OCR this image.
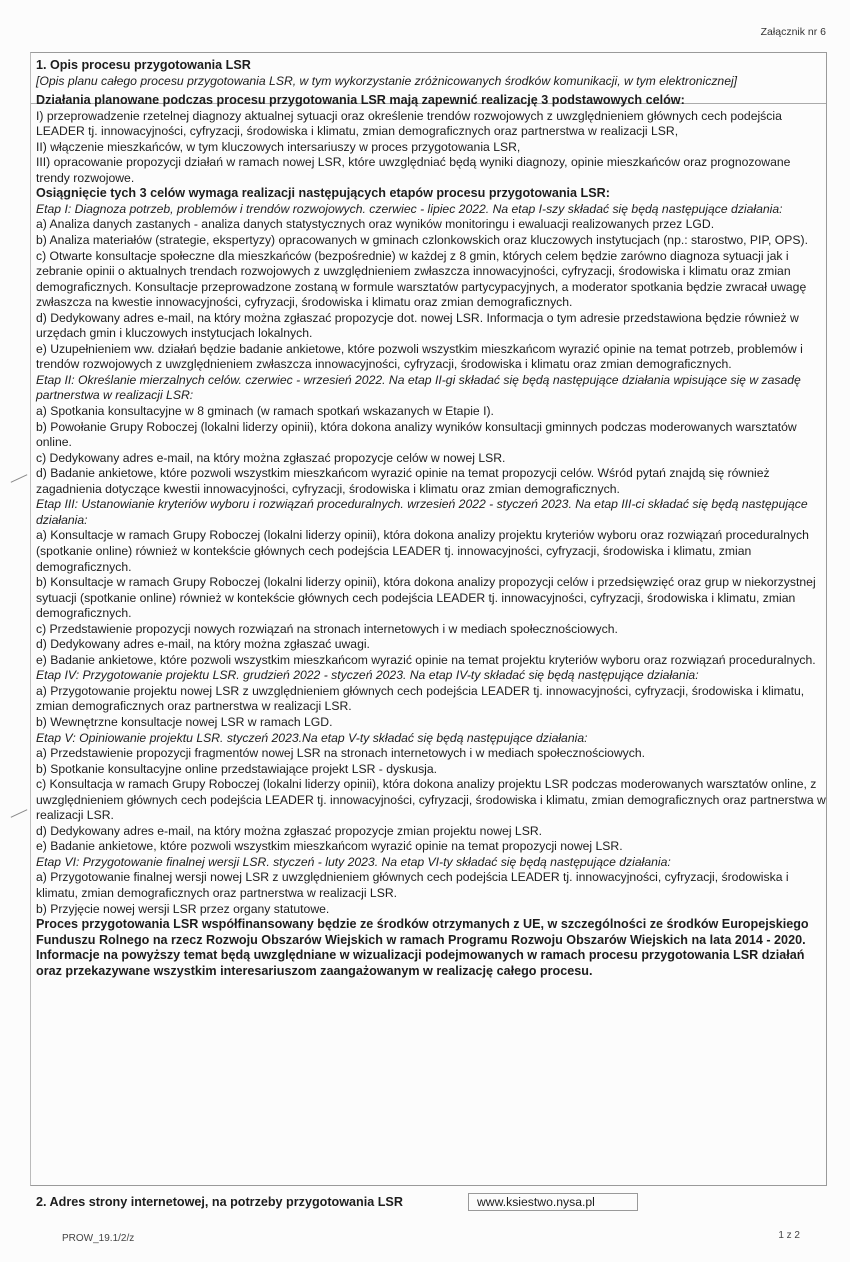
Załącznik nr 6

1. Opis procesu przygotowania LSR

[Opis planu całego procesu przygotowania LSR, w tym wykorzystanie zróżnicowanych środków komunikacji, w tym elektronicznej]

Działania planowane podczas procesu przygotowania LSR mają zapewnić realizację 3 podstawowych celów:

I) przeprowadzenie rzetelnej diagnozy aktualnej sytuacji oraz określenie trendów rozwojowych z uwzględnieniem głównych cech podejścia LEADER tj. innowacyjności, cyfryzacji, środowiska i klimatu, zmian demograficznych oraz partnerstwa w realizacji LSR,

II) włączenie mieszkańców, w tym kluczowych intersariuszy w proces przygotowania LSR,

III) opracowanie propozycji działań w ramach nowej LSR, które uwzględniać będą wyniki diagnozy, opinie mieszkańców oraz prognozowane trendy rozwojowe.

Osiągnięcie tych 3 celów wymaga realizacji następujących etapów procesu przygotowania LSR:

Etap I: Diagnoza potrzeb, problemów i trendów rozwojowych. czerwiec - lipiec 2022. Na etap I-szy składać się będą następujące działania:

a) Analiza danych zastanych - analiza danych statystycznych oraz wyników monitoringu i ewaluacji realizowanych przez LGD.

b) Analiza materiałów (strategie, ekspertyzy) opracowanych w gminach czlonkowskich oraz kluczowych instytucjach (np.: starostwo, PIP, OPS).

c) Otwarte konsultacje społeczne dla mieszkańców (bezpośrednie) w każdej z 8 gmin, których celem będzie zarówno diagnoza sytuacji jak i zebranie opinii o aktualnych trendach rozwojowych z uwzględnieniem zwłaszcza innowacyjności, cyfryzacji, środowiska i klimatu oraz zmian demograficznych. Konsultacje przeprowadzone zostaną w formule warsztatów partycypacyjnych, a moderator spotkania będzie zwracał uwagę zwłaszcza na kwestie innowacyjności, cyfryzacji, środowiska i klimatu oraz zmian demograficznych.

d) Dedykowany adres e-mail, na który można zgłaszać propozycje dot. nowej LSR. Informacja o tym adresie przedstawiona będzie również w urzędach gmin i kluczowych instytucjach lokalnych.

e) Uzupełnieniem ww. działań będzie badanie ankietowe, które pozwoli wszystkim mieszkańcom wyrazić opinie na temat potrzeb, problemów i trendów rozwojowych z uwzględnieniem zwłaszcza innowacyjności, cyfryzacji, środowiska i klimatu oraz zmian demograficznych.

Etap II: Określanie mierzalnych celów. czerwiec - wrzesień 2022. Na etap II-gi składać się będą następujące działania wpisujące się w zasadę partnerstwa w realizacji LSR:

a) Spotkania konsultacyjne w 8 gminach (w ramach spotkań wskazanych w Etapie I).

b) Powołanie Grupy Roboczej (lokalni liderzy opinii), która dokona analizy wyników konsultacji gminnych podczas moderowanych warsztatów online.

c) Dedykowany adres e-mail, na który można zgłaszać propozycje celów w nowej LSR.

d) Badanie ankietowe, które pozwoli wszystkim mieszkańcom wyrazić opinie na temat propozycji celów. Wśród pytań znajdą się również zagadnienia dotyczące kwestii innowacyjności, cyfryzacji, środowiska i klimatu oraz zmian demograficznych.

Etap III: Ustanowianie kryteriów wyboru i rozwiązań proceduralnych. wrzesień 2022 - styczeń 2023. Na etap III-ci składać się będą następujące działania:

a) Konsultacje w ramach Grupy Roboczej (lokalni liderzy opinii), która dokona analizy projektu kryteriów wyboru oraz rozwiązań proceduralnych (spotkanie online) również w kontekście głównych cech podejścia LEADER tj. innowacyjności, cyfryzacji, środowiska i klimatu, zmian demograficznych.

b) Konsultacje w ramach Grupy Roboczej (lokalni liderzy opinii), która dokona analizy propozycji celów i przedsięwzięć oraz grup w niekorzystnej sytuacji (spotkanie online) również w kontekście głównych cech podejścia LEADER tj. innowacyjności, cyfryzacji, środowiska i klimatu, zmian demograficznych.

c) Przedstawienie propozycji nowych rozwiązań na stronach internetowych i w mediach społecznościowych.

d) Dedykowany adres e-mail, na który można zgłaszać uwagi.

e) Badanie ankietowe, które pozwoli wszystkim mieszkańcom wyrazić opinie na temat projektu kryteriów wyboru oraz rozwiązań proceduralnych.

Etap IV: Przygotowanie projektu LSR. grudzień 2022 - styczeń 2023. Na etap IV-ty składać się będą następujące działania:

a) Przygotowanie projektu nowej LSR z uwzględnieniem głównych cech podejścia LEADER tj. innowacyjności, cyfryzacji, środowiska i klimatu, zmian demograficznych oraz partnerstwa w realizacji LSR.

b) Wewnętrzne konsultacje nowej LSR w ramach LGD.

Etap V: Opiniowanie projektu LSR. styczeń 2023.Na etap V-ty składać się będą następujące działania:

a) Przedstawienie propozycji fragmentów nowej LSR na stronach internetowych i w mediach społecznościowych.

b) Spotkanie konsultacyjne online przedstawiające projekt LSR - dyskusja.

c) Konsultacja w ramach Grupy Roboczej (lokalni liderzy opinii), która dokona analizy projektu LSR podczas moderowanych warsztatów online, z uwzględnieniem głównych cech podejścia LEADER tj. innowacyjności, cyfryzacji, środowiska i klimatu, zmian demograficznych oraz partnerstwa w realizacji LSR.

d) Dedykowany adres e-mail, na który można zgłaszać propozycje zmian projektu nowej LSR.

e) Badanie ankietowe, które pozwoli wszystkim mieszkańcom wyrazić opinie na temat propozycji nowej LSR.

Etap VI: Przygotowanie finalnej wersji LSR. styczeń - luty 2023. Na etap VI-ty składać się będą następujące działania:

a) Przygotowanie finalnej wersji nowej LSR z uwzględnieniem głównych cech podejścia LEADER tj. innowacyjności, cyfryzacji, środowiska i klimatu, zmian demograficznych oraz partnerstwa w realizacji LSR.

b) Przyjęcie nowej wersji LSR przez organy statutowe.

Proces przygotowania LSR współfinansowany będzie ze środków otrzymanych z UE, w szczególności ze środków Europejskiego Funduszu Rolnego na rzecz Rozwoju Obszarów Wiejskich w ramach Programu Rozwoju Obszarów Wiejskich na lata 2014 - 2020. Informacje na powyższy temat będą uwzględniane w wizualizacji podejmowanych w ramach procesu przygotowania LSR działań oraz przekazywane wszystkim interesariuszom zaangażowanym w realizację całego procesu.

2. Adres strony internetowej, na potrzeby przygotowania LSR	www.ksiestwo.nysa.pl
PROW_19.1/2/z	1 z 2
